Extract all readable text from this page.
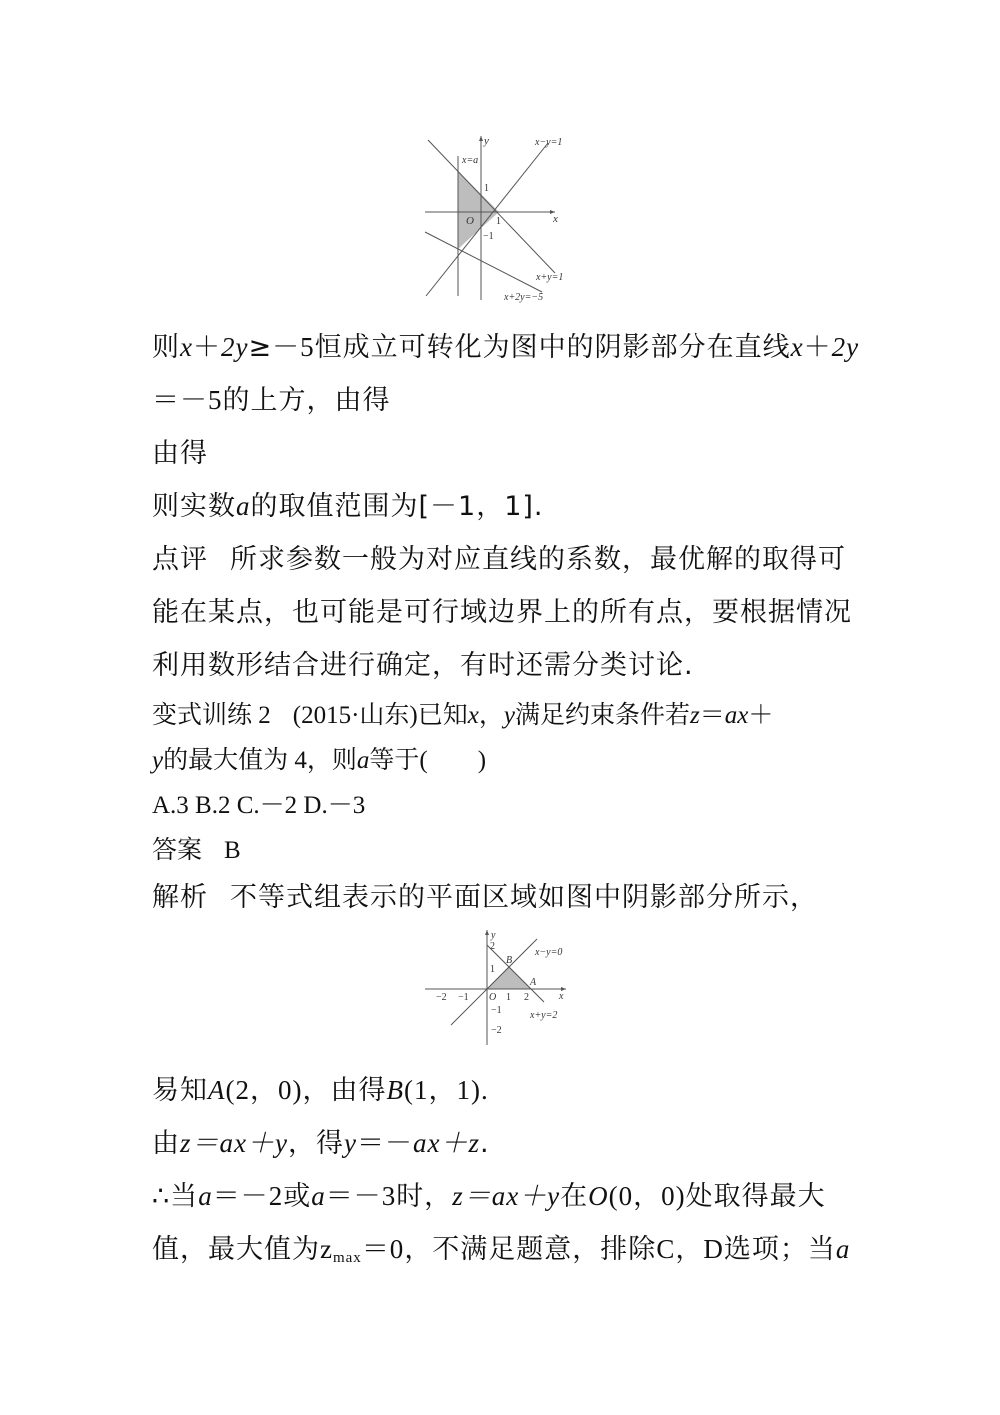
y
x
x=a
1
O 1
−1
x−y=1
x+y=1
x+2y=−5
则x＋2y≥－5恒成立可转化为图中的阴影部分在直线x＋2y
＝－5的上方，由得
由得
则实数a的取值范围为[－1，1].
点评 所求参数一般为对应直线的系数，最优解的取得可
能在某点，也可能是可行域边界上的所有点，要根据情况
利用数形结合进行确定，有时还需分类讨论.
变式训练 2 (2015·山东)已知x，y满足约束条件若z＝ax＋
y的最大值为 4，则a等于(　　)
A.3 B.2 C.－2 D.－3
答案 B
解析 不等式组表示的平面区域如图中阴影部分所示，
y
x
2
1
B
A
x−y=0
x+y=2
O 1 2
−2 −1
−1
−2
易知A(2，0)，由得B(1，1).
由z＝ax＋y，得y＝－ax＋z.
∴当a＝－2或a＝－3时，z＝ax＋y在O(0，0)处取得最大
值，最大值为$z_{max}=0$，不满足题意，排除C，D选项；当a
